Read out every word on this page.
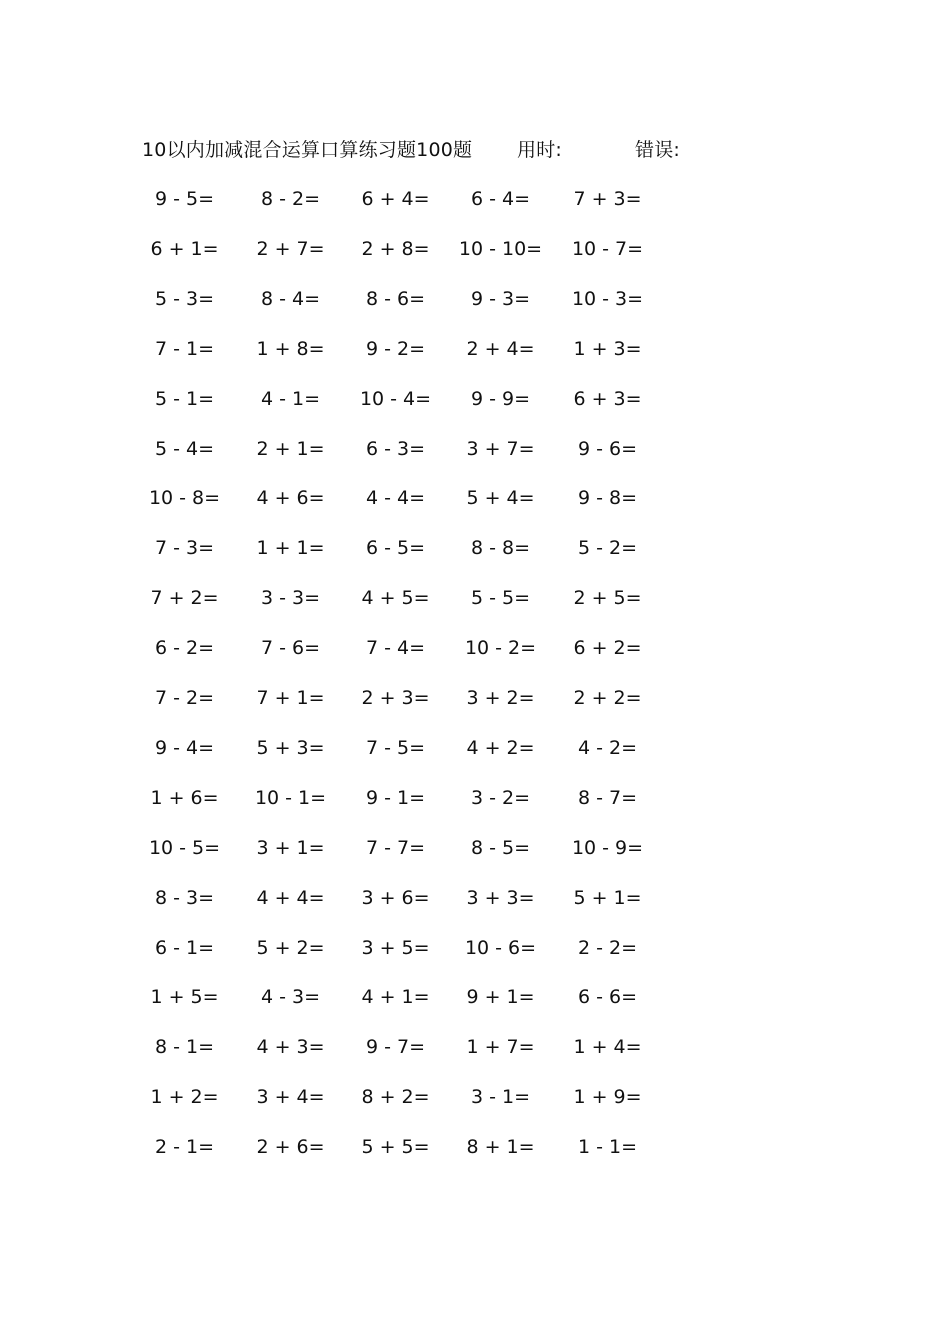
10以内加减混合运算口算练习题100题 用时:	错误:
9 - 5=	8 - 2=	6 + 4=	6 - 4=	7 + 3=
6 + 1=	2 + 7=	2 + 8=	10 - 10=	10 - 7=
5 - 3=	8 - 4=	8 - 6=	9 - 3=	10 - 3=
7 - 1=	1 + 8=	9 - 2=	2 + 4=	1 + 3=
5 - 1=	4 - 1=	10 - 4=	9 - 9=	6 + 3=
5 - 4=	2 + 1=	6 - 3=	3 + 7=	9 - 6=
10 - 8=	4 + 6=	4 - 4=	5 + 4=	9 - 8=
7 - 3=	1 + 1=	6 - 5=	8 - 8=	5 - 2=
7 + 2=	3 - 3=	4 + 5=	5 - 5=	2 + 5=
6 - 2=	7 - 6=	7 - 4=	10 - 2=	6 + 2=
7 - 2=	7 + 1=	2 + 3=	3 + 2=	2 + 2=
9 - 4=	5 + 3=	7 - 5=	4 + 2=	4 - 2=
1 + 6=	10 - 1=	9 - 1=	3 - 2=	8 - 7=
10 - 5=	3 + 1=	7 - 7=	8 - 5=	10 - 9=
8 - 3=	4 + 4=	3 + 6=	3 + 3=	5 + 1=
6 - 1=	5 + 2=	3 + 5=	10 - 6=	2 - 2=
1 + 5=	4 - 3=	4 + 1=	9 + 1=	6 - 6=
8 - 1=	4 + 3=	9 - 7=	1 + 7=	1 + 4=
1 + 2=	3 + 4=	8 + 2=	3 - 1=	1 + 9=
2 - 1=	2 + 6=	5 + 5=	8 + 1=	1 - 1=
